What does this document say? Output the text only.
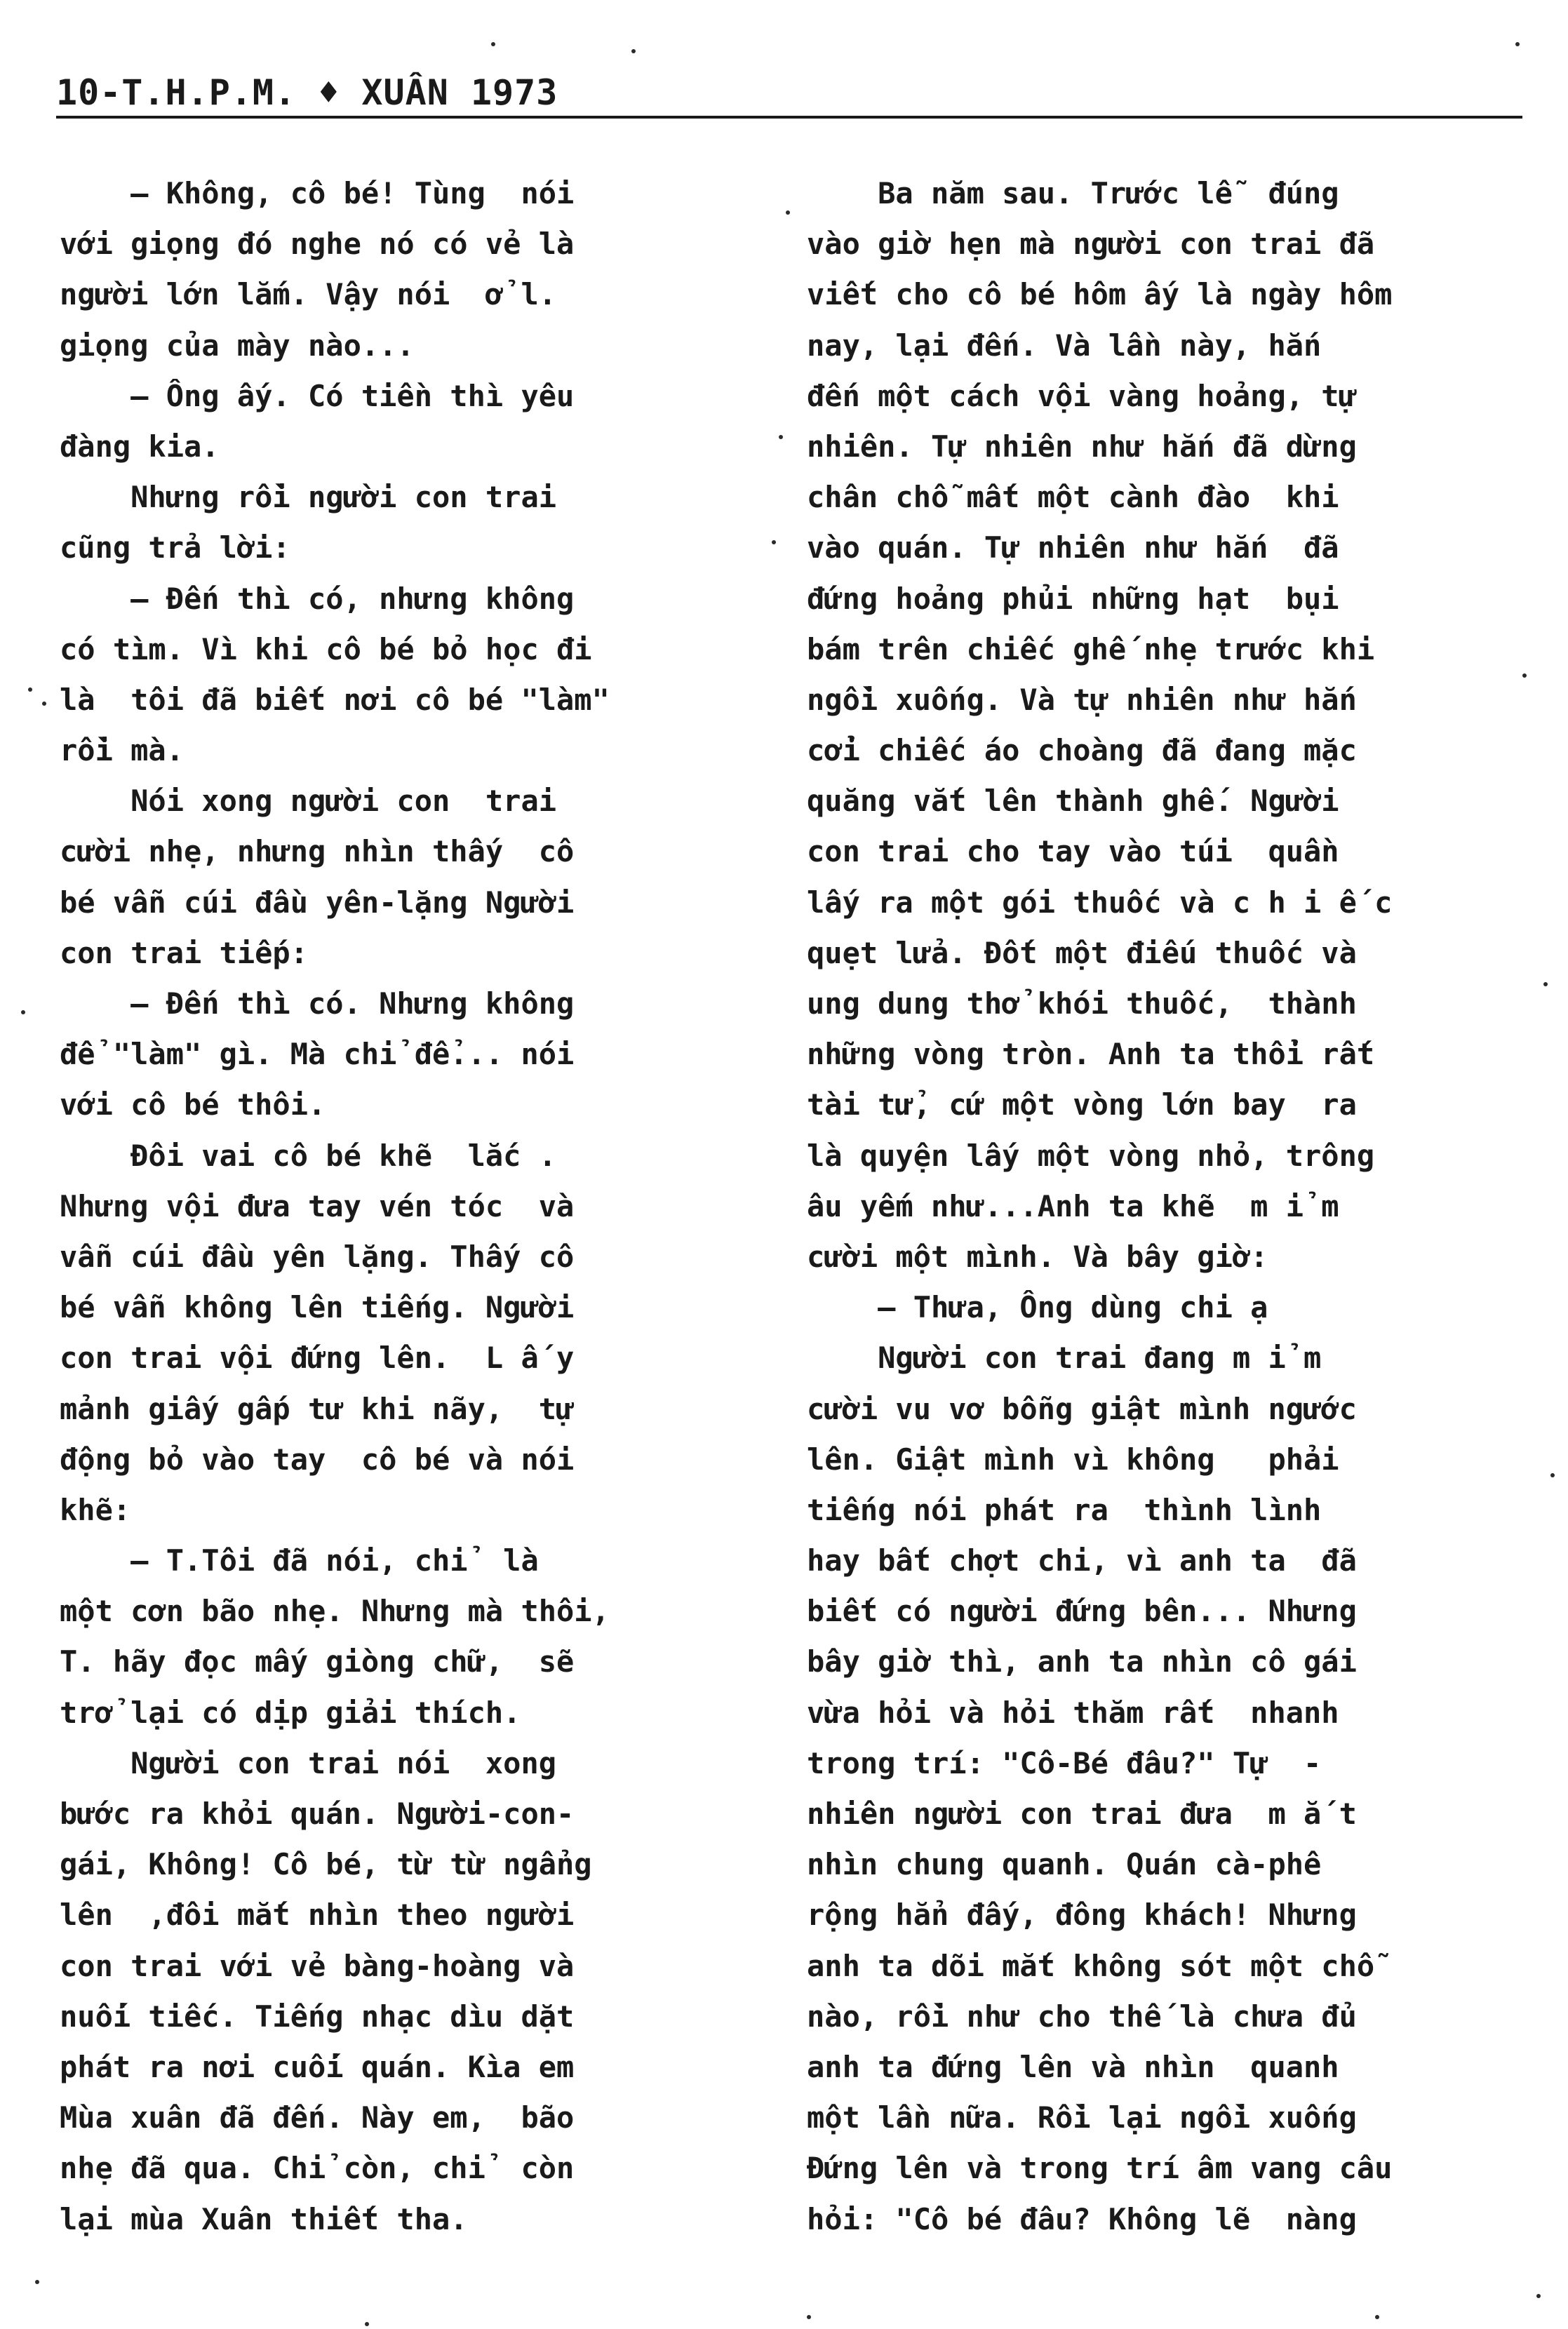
10-T.H.P.M. ♦ XUÂN 1973
– Không, cô bé! Tùng  nói
với giọng đó nghe nó có vẻ là
người lớn lắm. Vậy nói  ở l.
giọng của mày nào...
– Ông ấy. Có tiền thì yêu
đàng kia.
Nhưng rồi người con trai
cũng trả lời:
– Đến thì có, nhưng không
có tìm. Vì khi cô bé bỏ học đi
là  tôi đã biết nơi cô bé "làm"
rồi mà.
Nói xong người con  trai
cười nhẹ, nhưng nhìn thấy  cô
bé vẫn cúi đầu yên-lặng Người
con trai tiếp:
– Đến thì có. Nhưng không
để "làm" gì. Mà chỉ để... nói
với cô bé thôi.
Đôi vai cô bé khẽ  lắc .
Nhưng vội đưa tay vén tóc  và
vẫn cúi đầu yên lặng. Thấy cô
bé vẫn không lên tiếng. Người
con trai vội đứng lên.  L ấ y
mảnh giấy gấp tư khi nãy,  tự
động bỏ vào tay  cô bé và nói
khẽ:
– T.Tôi đã nói, chỉ  là
một cơn bão nhẹ. Nhưng mà thôi,
T. hãy đọc mấy giòng chữ,  sẽ
trở lại có dịp giải thích.
Người con trai nói  xong
bước ra khỏi quán. Người-con-
gái, Không! Cô bé, từ từ ngẩng
lên  ,đôi mắt nhìn theo người
con trai với vẻ bàng-hoàng và
nuối tiếc. Tiếng nhạc dìu dặt
phát ra nơi cuối quán. Kìa em
Mùa xuân đã đến. Này em,  bão
nhẹ đã qua. Chỉ còn, chỉ  còn
lại mùa Xuân thiết tha.
Ba năm sau. Trước lễ  đúng
vào giờ hẹn mà người con trai đã
viết cho cô bé hôm ấy là ngày hôm
nay, lại đến. Và lần này, hắn
đến một cách vội vàng hoảng, tự
nhiên. Tự nhiên như hắn đã dừng
chân chỗ mất một cành đào  khi
vào quán. Tự nhiên như hắn  đã
đứng hoảng phủi những hạt  bụi
bám trên chiếc ghế nhẹ trước khi
ngồi xuống. Và tự nhiên như hắn
cởi chiếc áo choàng đã đang mặc
quăng vắt lên thành ghế. Người
con trai cho tay vào túi  quần
lấy ra một gói thuốc và c h i ế c
quẹt lửa. Đốt một điếu thuốc và
ung dung thở khói thuốc,  thành
những vòng tròn. Anh ta thổi rất
tài tử, cứ một vòng lớn bay  ra
là quyện lấy một vòng nhỏ, trông
âu yếm như...Anh ta khẽ  m ỉ m
cười một mình. Và bây giờ:
– Thưa, Ông dùng chi ạ
Người con trai đang m ỉ m
cười vu vơ bỗng giật mình ngước
lên. Giật mình vì không   phải
tiếng nói phát ra  thình lình
hay bất chợt chi, vì anh ta  đã
biết có người đứng bên... Nhưng
bây giờ thì, anh ta nhìn cô gái
vừa hỏi và hỏi thăm rất  nhanh
trong trí: "Cô-Bé đâu?" Tự  -
nhiên người con trai đưa  m ắ t
nhìn chung quanh. Quán cà-phê
rộng hẳn đấy, đông khách! Nhưng
anh ta dõi mắt không sót một chỗ
nào, rồi như cho thế là chưa đủ
anh ta đứng lên và nhìn  quanh
một lần nữa. Rồi lại ngồi xuống
Đứng lên và trong trí âm vang câu
hỏi: "Cô bé đâu? Không lẽ  nàng
